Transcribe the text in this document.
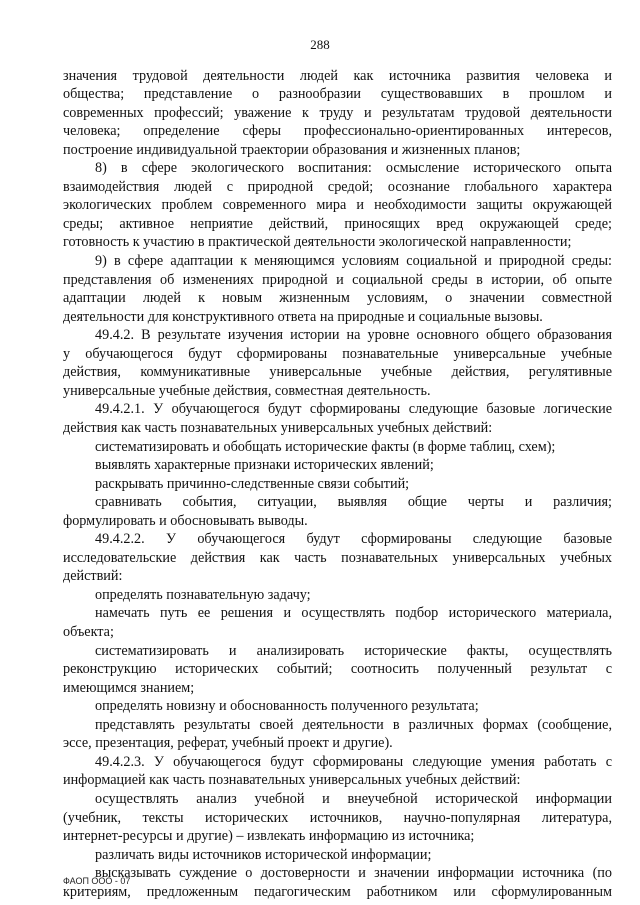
288
значения трудовой деятельности людей как источника развития человека и
общества; представление о разнообразии существовавших в прошлом и
современных профессий; уважение к труду и результатам трудовой деятельности
человека; определение сферы профессионально-ориентированных интересов,
построение индивидуальной траектории образования и жизненных планов;
8) в сфере экологического воспитания: осмысление исторического опыта
взаимодействия людей с природной средой; осознание глобального характера
экологических проблем современного мира и необходимости защиты окружающей
среды; активное неприятие действий, приносящих вред окружающей среде;
готовность к участию в практической деятельности экологической направленности;
9) в сфере адаптации к меняющимся условиям социальной и природной среды:
представления об изменениях природной и социальной среды в истории, об опыте
адаптации людей к новым жизненным условиям, о значении совместной
деятельности для конструктивного ответа на природные и социальные вызовы.
49.4.2. В результате изучения истории на уровне основного общего образования
у обучающегося будут сформированы познавательные универсальные учебные
действия, коммуникативные универсальные учебные действия, регулятивные
универсальные учебные действия, совместная деятельность.
49.4.2.1. У обучающегося будут сформированы следующие базовые логические
действия как часть познавательных универсальных учебных действий:
систематизировать и обобщать исторические факты (в форме таблиц, схем);
выявлять характерные признаки исторических явлений;
раскрывать причинно-следственные связи событий;
сравнивать события, ситуации, выявляя общие черты и различия;
формулировать и обосновывать выводы.
49.4.2.2. У обучающегося будут сформированы следующие базовые
исследовательские действия как часть познавательных универсальных учебных
действий:
определять познавательную задачу;
намечать путь ее решения и осуществлять подбор исторического материала,
объекта;
систематизировать и анализировать исторические факты, осуществлять
реконструкцию исторических событий; соотносить полученный результат с
имеющимся знанием;
определять новизну и обоснованность полученного результата;
представлять результаты своей деятельности в различных формах (сообщение,
эссе, презентация, реферат, учебный проект и другие).
49.4.2.3. У обучающегося будут сформированы следующие умения работать с
информацией как часть познавательных универсальных учебных действий:
осуществлять анализ учебной и внеучебной исторической информации
(учебник, тексты исторических источников, научно-популярная литература,
интернет-ресурсы и другие) – извлекать информацию из источника;
различать виды источников исторической информации;
высказывать суждение о достоверности и значении информации источника (по
критериям, предложенным педагогическим работником или сформулированным
ФАОП ООО - 07
